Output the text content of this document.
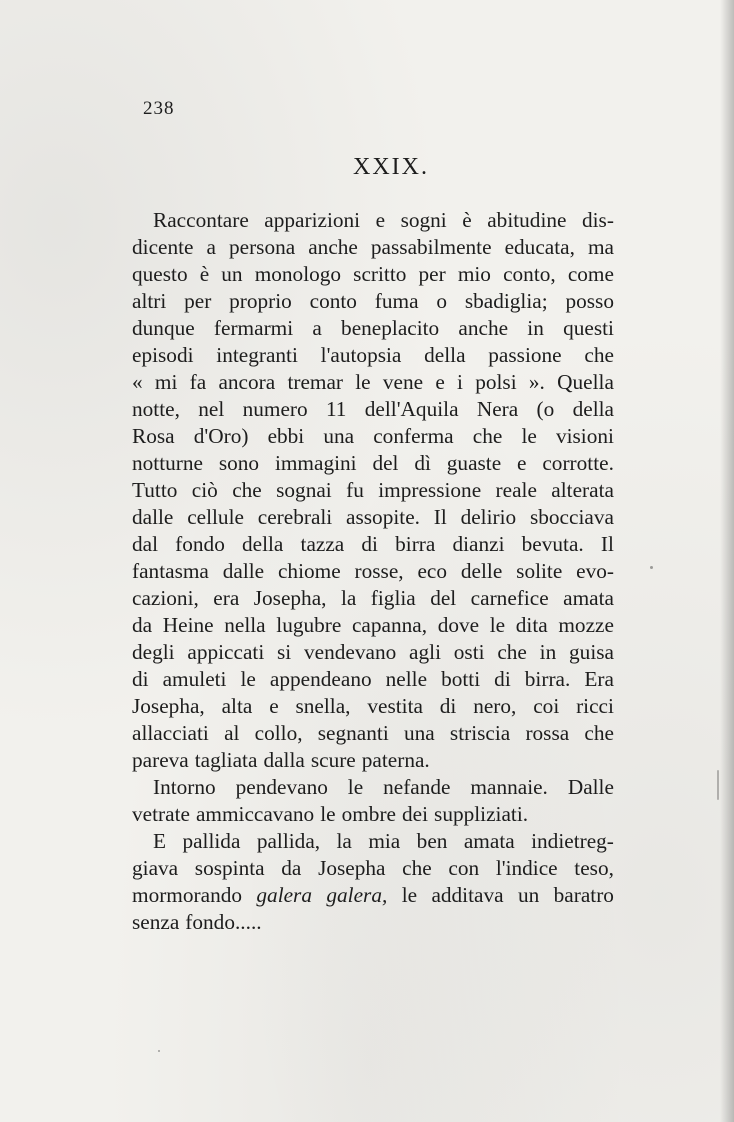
238
XXIX.
Raccontare apparizioni e sogni è abitudine dis-
dicente a persona anche passabilmente educata, ma
questo è un monologo scritto per mio conto, come
altri per proprio conto fuma o sbadiglia; posso
dunque fermarmi a beneplacito anche in questi
episodi integranti l'autopsia della passione che
« mi fa ancora tremar le vene e i polsi ». Quella
notte, nel numero 11 dell'Aquila Nera (o della
Rosa d'Oro) ebbi una conferma che le visioni
notturne sono immagini del dì guaste e corrotte.
Tutto ciò che sognai fu impressione reale alterata
dalle cellule cerebrali assopite. Il delirio sbocciava
dal fondo della tazza di birra dianzi bevuta. Il
fantasma dalle chiome rosse, eco delle solite evo-
cazioni, era Josepha, la figlia del carnefice amata
da Heine nella lugubre capanna, dove le dita mozze
degli appiccati si vendevano agli osti che in guisa
di amuleti le appendeano nelle botti di birra. Era
Josepha, alta e snella, vestita di nero, coi ricci
allacciati al collo, segnanti una striscia rossa che
pareva tagliata dalla scure paterna.
Intorno pendevano le nefande mannaie. Dalle
vetrate ammiccavano le ombre dei suppliziati.
E pallida pallida, la mia ben amata indietreg-
giava sospinta da Josepha che con l'indice teso,
mormorando galera galera, le additava un baratro
senza fondo.....
